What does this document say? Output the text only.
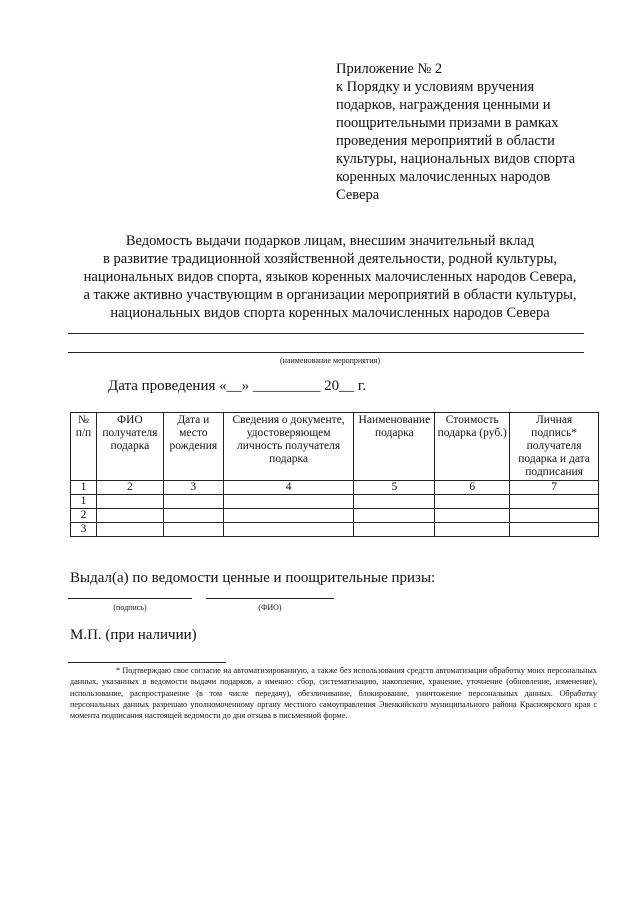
Приложение № 2
к Порядку и условиям вручения
подарков, награждения ценными и
поощрительными призами в рамках
проведения мероприятий в области
культуры, национальных видов спорта
коренных малочисленных народов
Севера
Ведомость выдачи подарков лицам, внесшим значительный вклад
в развитие традиционной хозяйственной деятельности, родной культуры,
национальных видов спорта, языков коренных малочисленных народов Севера,
а также активно участвующим в организации мероприятий в области культуры,
национальных видов спорта коренных малочисленных народов Севера
(наименование мероприятия)
Дата проведения «__» _________ 20__ г.
№ п/п	ФИО получателя подарка	Дата и место рождения	Сведения о документе, удостоверяющем личность получателя подарка	Наименование подарка	Стоимость подарка (руб.)	Личная подпись* получателя подарка и дата подписания
1	2	3	4	5	6	7
1						
2						
3						
Выдал(а) по ведомости ценные и поощрительные призы:
(подпись)	(ФИО)
М.П. (при наличии)
* Подтверждаю свое согласие на автоматизированную, а также без использования средств автоматизации обработку моих персональных данных, указанных в ведомости выдачи подарков, а именно: сбор, систематизацию, накопление, хранение, уточнение (обновление, изменение), использование, распространение (в том числе передачу), обезличивание, блокирование, уничтожение персональных данных. Обработку персональных данных разрешаю уполномоченному органу местного самоуправления Эвенкийского муниципального района Красноярского края с момента подписания настоящей ведомости до дня отзыва в письменной форме.
